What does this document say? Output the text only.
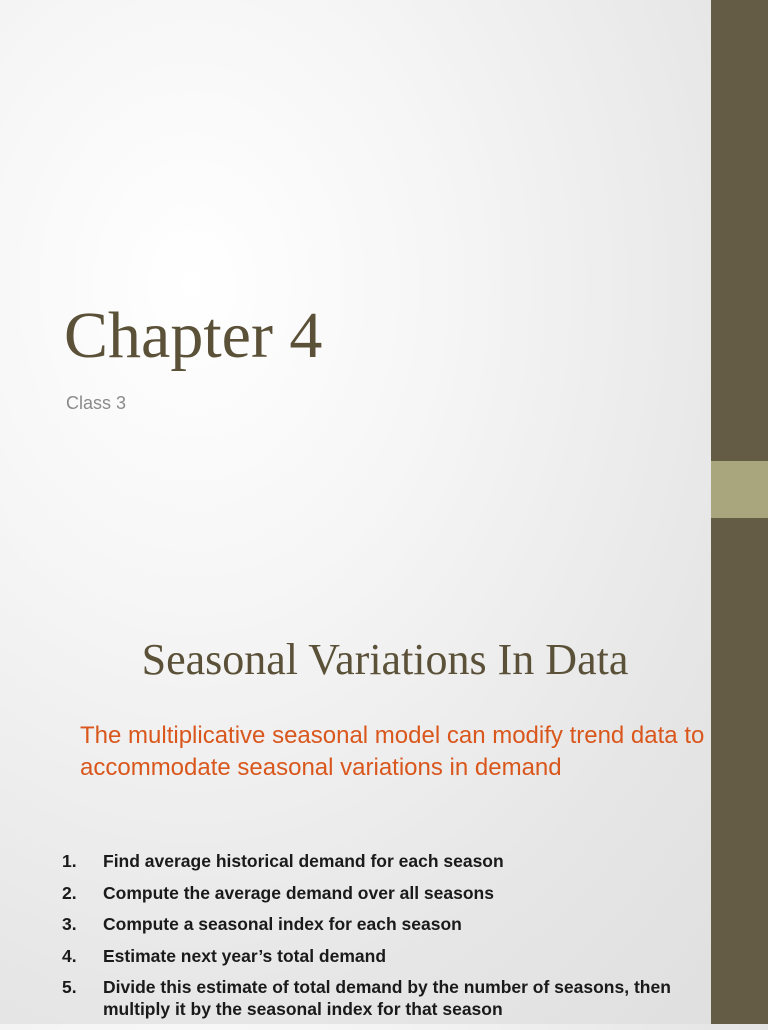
Chapter 4
Class 3
Seasonal Variations In Data
The multiplicative seasonal model can modify trend data to accommodate seasonal variations in demand
1.	Find average historical demand for each season
2.	Compute the average demand over all seasons
3.	Compute a seasonal index for each season
4.	Estimate next year’s total demand
5.	Divide this estimate of total demand by the number of seasons, then multiply it by the seasonal index for that season
